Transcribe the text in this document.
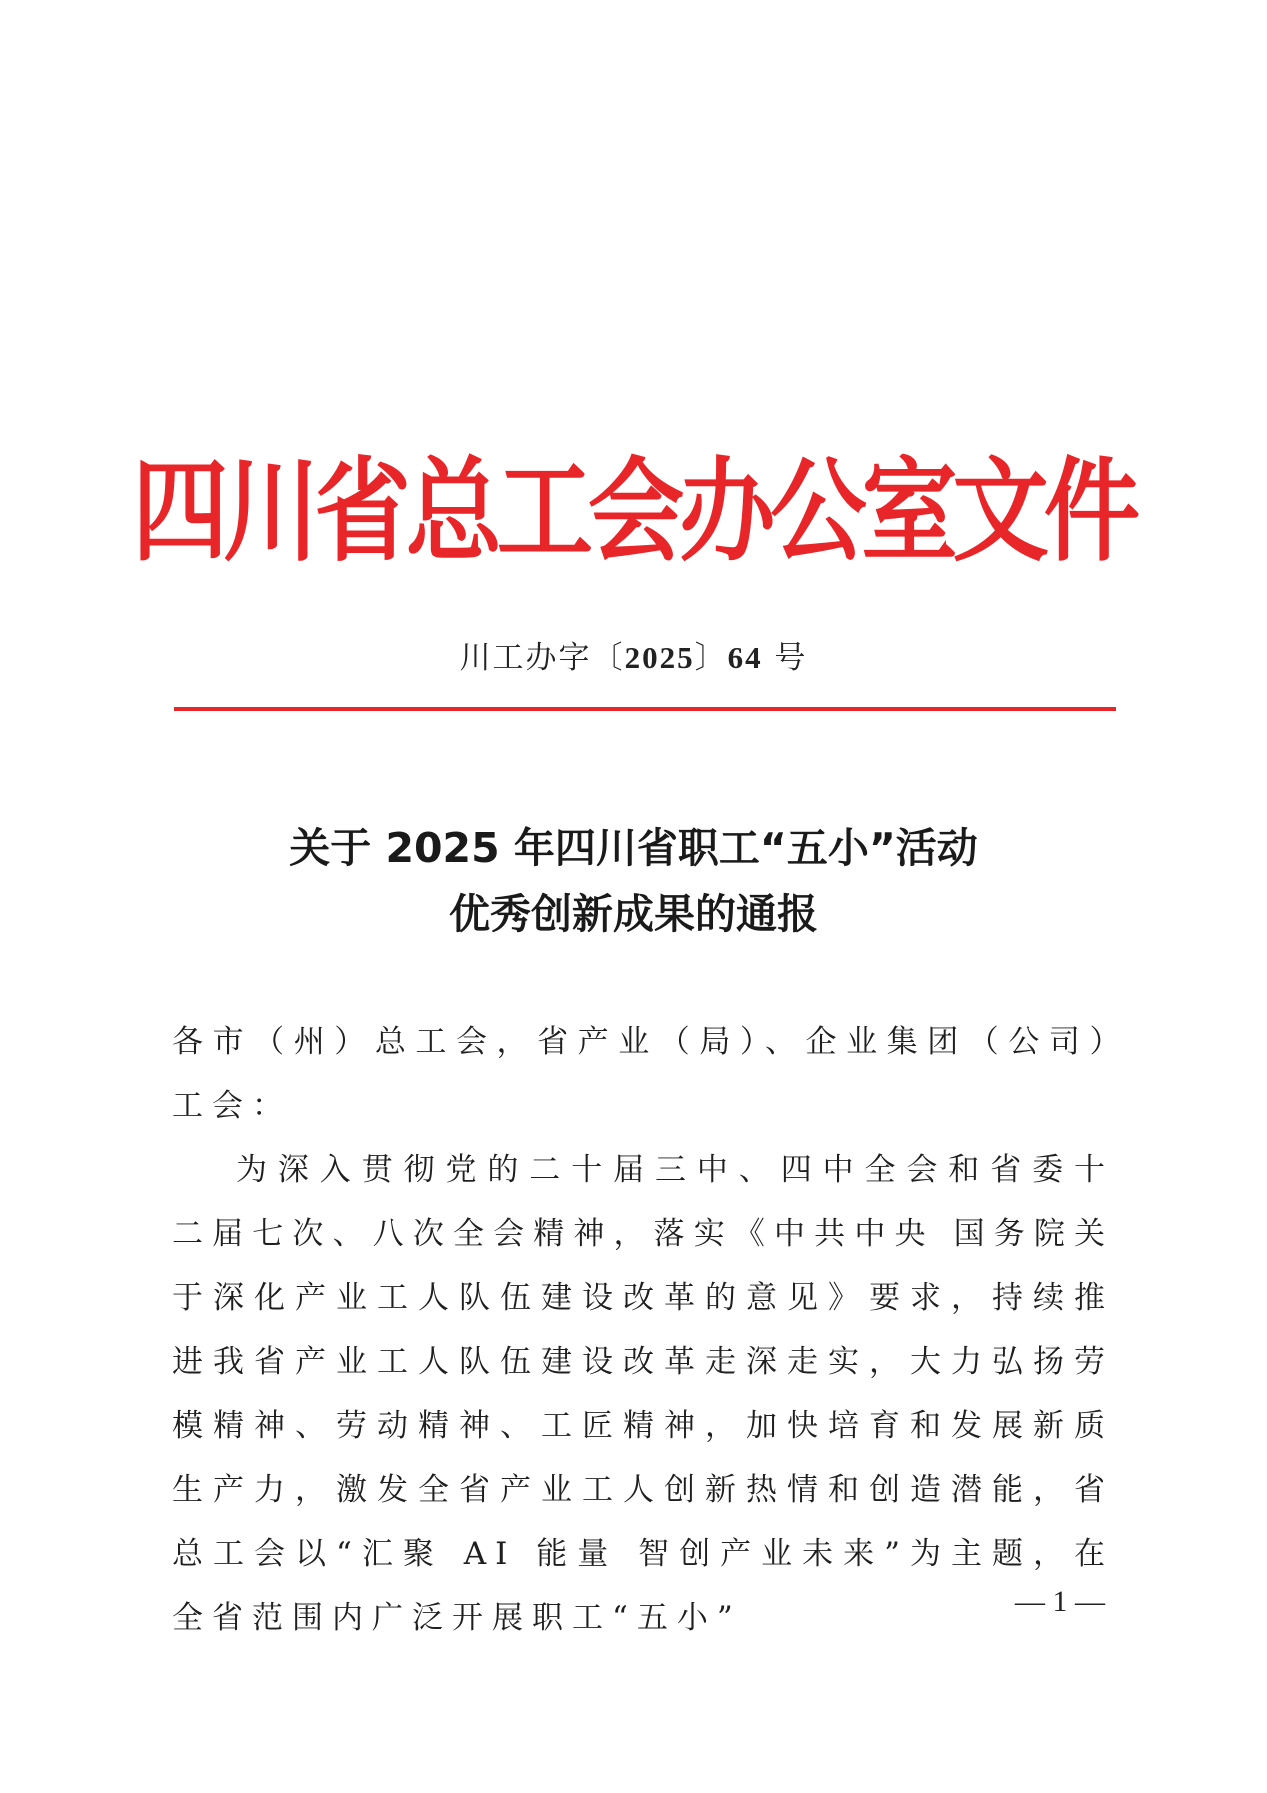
四川省总工会办公室文件
川工办字〔2025〕64 号
关于 2025 年四川省职工“五小”活动
优秀创新成果的通报

各市（州）总工会，省产业（局）、企业集团（公司）工会：

为深入贯彻党的二十届三中、四中全会和省委十二届七次、八次全会精神，落实《中共中央 国务院关于深化产业工人队伍建设改革的意见》要求，持续推进我省产业工人队伍建设改革走深走实，大力弘扬劳模精神、劳动精神、工匠精神，加快培育和发展新质生产力，激发全省产业工人创新热情和创造潜能，省总工会以“汇聚 AI 能量 智创产业未来”为主题，在全省范围内广泛开展职工“五小”	— 1 —
